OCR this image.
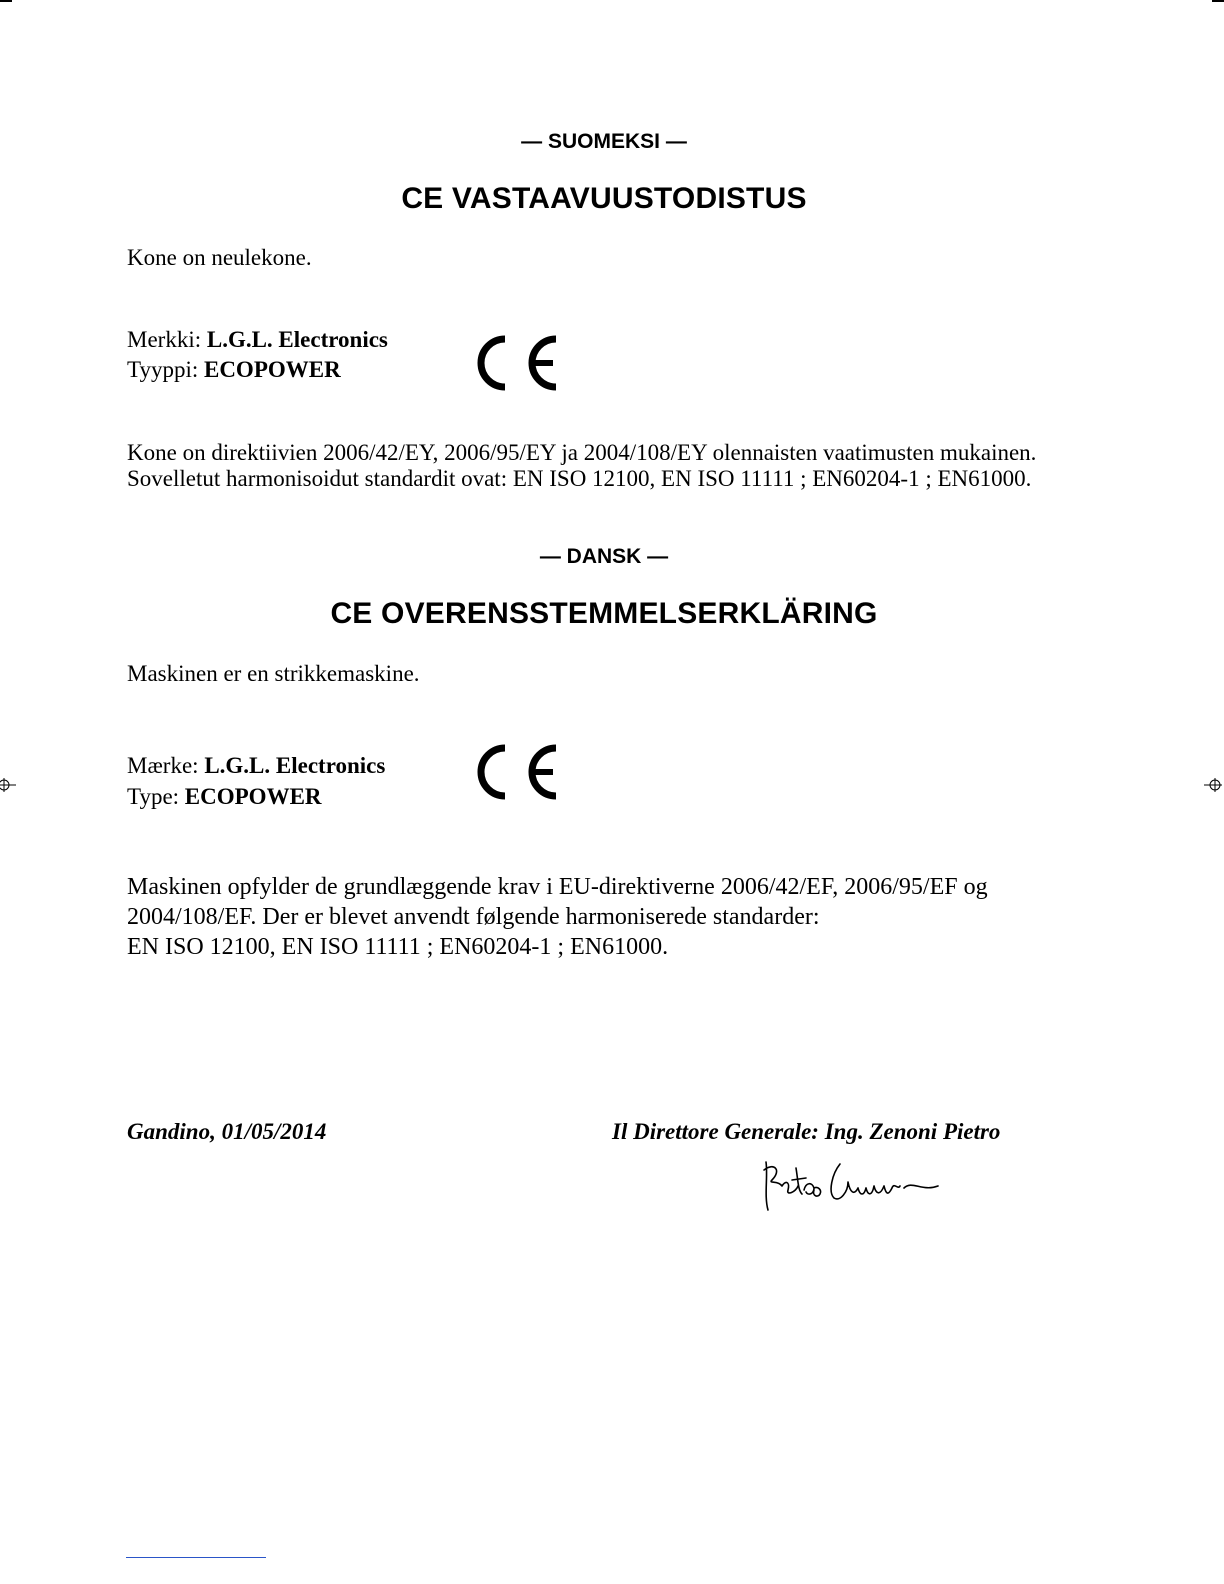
— SUOMEKSI —
CE VASTAAVUUSTODISTUS
Kone on neulekone.
Merkki: L.G.L. Electronics
Tyyppi: ECOPOWER
Kone on direktiivien 2006/42/EY, 2006/95/EY ja 2004/108/EY olennaisten vaatimusten mukainen.
Sovelletut harmonisoidut standardit ovat: EN ISO 12100, EN ISO 11111 ; EN60204-1 ; EN61000.
— DANSK —
CE OVERENSSTEMMELSERKLÄRING
Maskinen er en strikkemaskine.
Mærke: L.G.L. Electronics
Type: ECOPOWER
Maskinen opfylder de grundlæggende krav i EU-direktiverne 2006/42/EF, 2006/95/EF og
2004/108/EF. Der er blevet anvendt følgende harmoniserede standarder:
EN ISO 12100, EN ISO 11111 ; EN60204-1 ; EN61000.
Gandino, 01/05/2014	Il Direttore Generale: Ing. Zenoni Pietro
